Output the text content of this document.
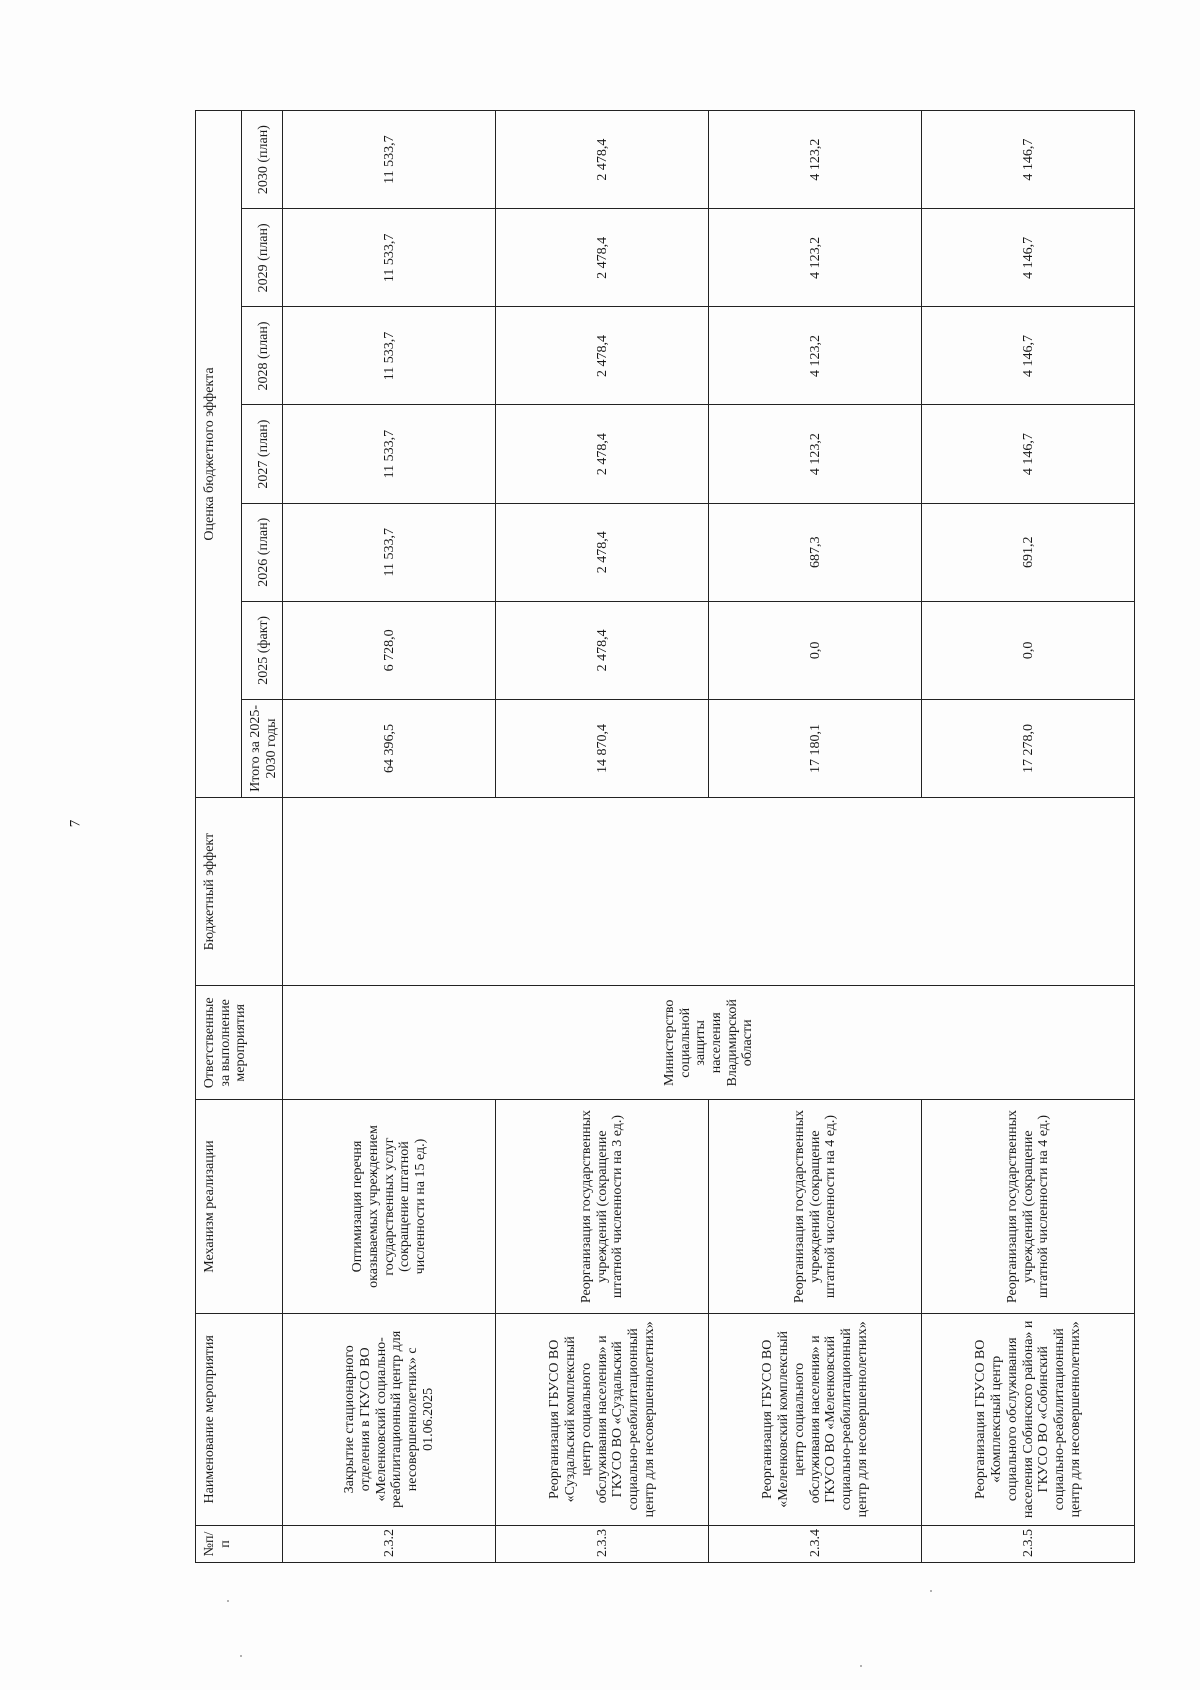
7
№п/п	Наименование мероприятия	Механизм реализации	Ответственные за выполнение мероприятия	Бюджетный эффект	Оценка бюджетного эффекта						
					Итого за 2025-2030 годы	2025 (факт)	2026 (план)	2027 (план)	2028 (план)	2029 (план)	2030 (план)
2.3.2	Закрытие стационарного отделения в ГКУСО ВО «Меленковский социально-реабилитационный центр для несовершеннолетних» с 01.06.2025	Оптимизация перечня оказываемых учреждением государственных услуг (сокращение штатной численности на 15 ед.)	Министерство социальной защиты населения Владимирской области		64 396,5	6 728,0	11 533,7	11 533,7	11 533,7	11 533,7	11 533,7
2.3.3	Реорганизация ГБУСО ВО «Суздальский комплексный центр социального обслуживания населения» и ГКУСО ВО «Суздальский социально-реабилитационный центр для несовершеннолетних»	Реорганизация государственных учреждений (сокращение штатной численности на 3 ед.)			14 870,4	2 478,4	2 478,4	2 478,4	2 478,4	2 478,4	2 478,4
2.3.4	Реорганизация ГБУСО ВО «Меленковский комплексный центр социального обслуживания населения» и ГКУСО ВО «Меленковский социально-реабилитационный центр для несовершеннолетних»	Реорганизация государственных учреждений (сокращение штатной численности на 4 ед.)			17 180,1	0,0	687,3	4 123,2	4 123,2	4 123,2	4 123,2
2.3.5	Реорганизация ГБУСО ВО «Комплексный центр социального обслуживания населения Собинского района» и ГКУСО ВО «Собинский социально-реабилитационный центр для несовершеннолетних»	Реорганизация государственных учреждений (сокращение штатной численности на 4 ед.)			17 278,0	0,0	691,2	4 146,7	4 146,7	4 146,7	4 146,7
